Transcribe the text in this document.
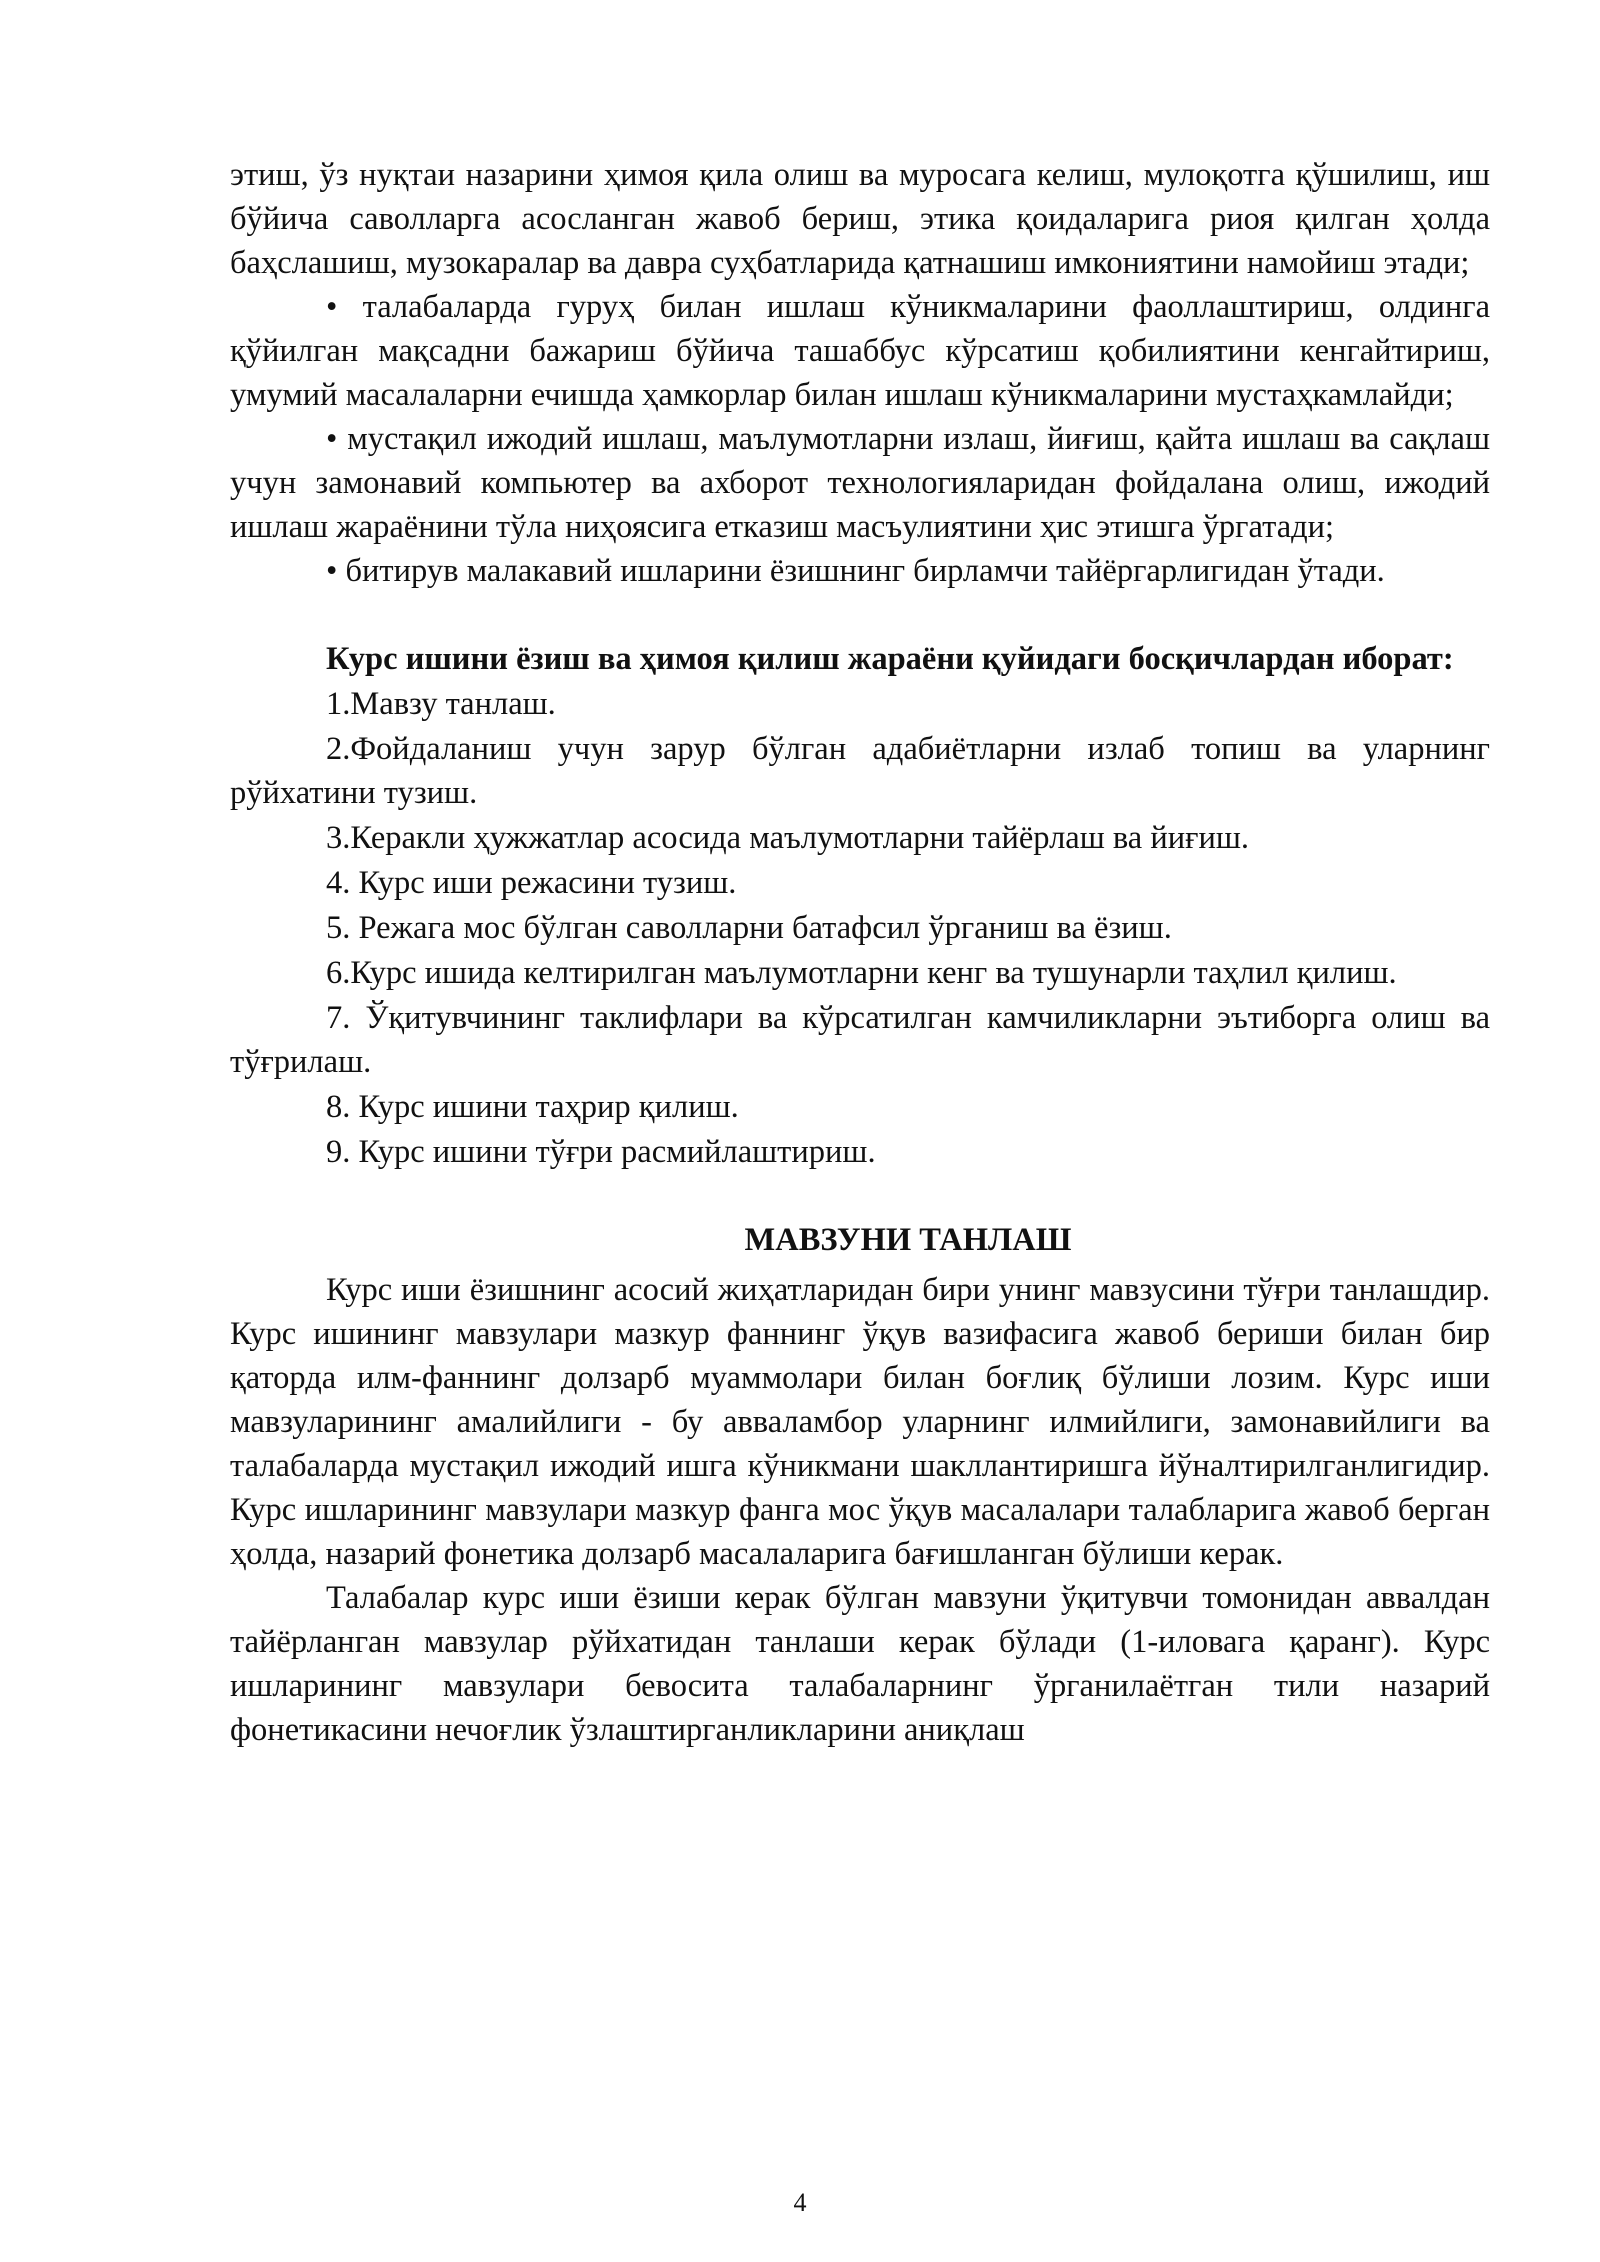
этиш, ўз нуқтаи назарини ҳимоя қила олиш ва муросага келиш, мулоқотга қўшилиш, иш бўйича саволларга асосланган жавоб бериш, этика қоидаларига риоя қилган ҳолда баҳслашиш, музокаралар ва давра суҳбатларида қатнашиш имкониятини намойиш этади;

• талабаларда гуруҳ билан ишлаш кўникмаларини фаоллаштириш, олдинга қўйилган мақсадни бажариш бўйича ташаббус кўрсатиш қобилиятини кенгайтириш, умумий масалаларни ечишда ҳамкорлар билан ишлаш кўникмаларини мустаҳкамлайди;

• мустақил ижодий ишлаш, маълумотларни излаш, йиғиш, қайта ишлаш ва сақлаш учун замонавий компьютер ва ахборот технологияларидан фойдалана олиш, ижодий ишлаш жараёнини тўла ниҳоясига етказиш масъулиятини ҳис этишга ўргатади;

• битирув малакавий ишларини ёзишнинг бирламчи тайёргарлигидан ўтади.

Курс ишини ёзиш ва ҳимоя қилиш жараёни қуйидаги босқичлардан иборат:

1.Мавзу танлаш.

2.Фойдаланиш учун зарур бўлган адабиётларни излаб топиш ва уларнинг рўйхатини тузиш.

3.Керакли ҳужжатлар асосида маълумотларни тайёрлаш ва йиғиш.

4. Курс иши режасини тузиш.

5. Режага мос бўлган саволларни батафсил ўрганиш ва ёзиш.

6.Курс ишида келтирилган маълумотларни кенг ва тушунарли таҳлил қилиш.

7. Ўқитувчининг таклифлари ва кўрсатилган камчиликларни эътиборга олиш ва тўғрилаш.

8. Курс ишини таҳрир қилиш.

9. Курс ишини тўғри расмийлаштириш.

МАВЗУНИ ТАНЛАШ

Курс иши ёзишнинг асосий жиҳатларидан бири унинг мавзусини тўғри танлашдир. Курс ишининг мавзулари мазкур фаннинг ўқув вазифасига жавоб бериши билан бир қаторда илм-фаннинг долзарб муаммолари билан боғлиқ бўлиши лозим. Курс иши мавзуларининг амалийлиги - бу авваламбор уларнинг илмийлиги, замонавийлиги ва талабаларда мустақил ижодий ишга кўникмани шакллантиришга йўналтирилганлигидир. Курс ишларининг мавзулари мазкур фанга мос ўқув масалалари талабларига жавоб берган ҳолда, назарий фонетика долзарб масалаларига бағишланган бўлиши керак.

Талабалар курс иши ёзиши керак бўлган мавзуни ўқитувчи томонидан аввалдан тайёрланган мавзулар рўйхатидан танлаши керак бўлади (1-иловага қаранг). Курс ишларининг мавзулари бевосита талабаларнинг ўрганилаётган тили назарий фонетикасини нечоғлик ўзлаштирганликларини аниқлаш

4
